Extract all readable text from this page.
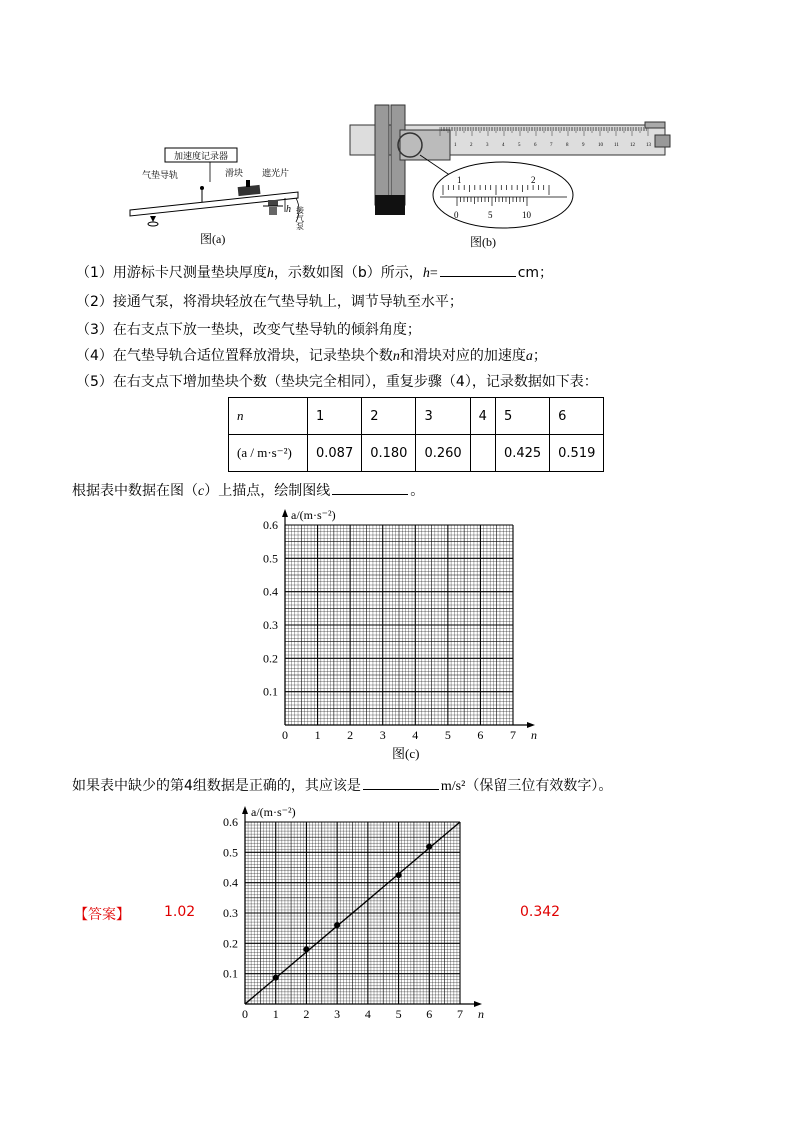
加速度记录器
气垫导轨	滑块 遮光片
h 接气泵
图(a)
1	2	3	4	5	6	7	8	9	10 11 12 13
1	2
0	5	10
图(b)
（1）用游标卡尺测量垫块厚度h，示数如图（b）所示，h=	cm；
（2）接通气泵，将滑块轻放在气垫导轨上，调节导轨至水平；
（3）在右支点下放一垫块，改变气垫导轨的倾斜角度；
（4）在气垫导轨合适位置释放滑块，记录垫块个数n和滑块对应的加速度a；
（5）在右支点下增加垫块个数（垫块完全相同），重复步骤（4），记录数据如下表：
n	1	2	3	4	5	6
(a / m·s⁻²)	0.087	0.180	0.260		0.425	0.519
根据表中数据在图（c）上描点，绘制图线	。
0 1 2 3 4 5 6 7
0.1
0.2
0.3
0.4
0.5
0.6
a/(m·s⁻²)
n
图(c)
如果表中缺少的第4组数据是正确的，其应该是	m/s²（保留三位有效数字）。
0 1 2 3 4 5 6 7
0.1
0.2
0.3
0.4
0.5
0.6
a/(m·s⁻²)
n
【答案】 1.02	0.342
